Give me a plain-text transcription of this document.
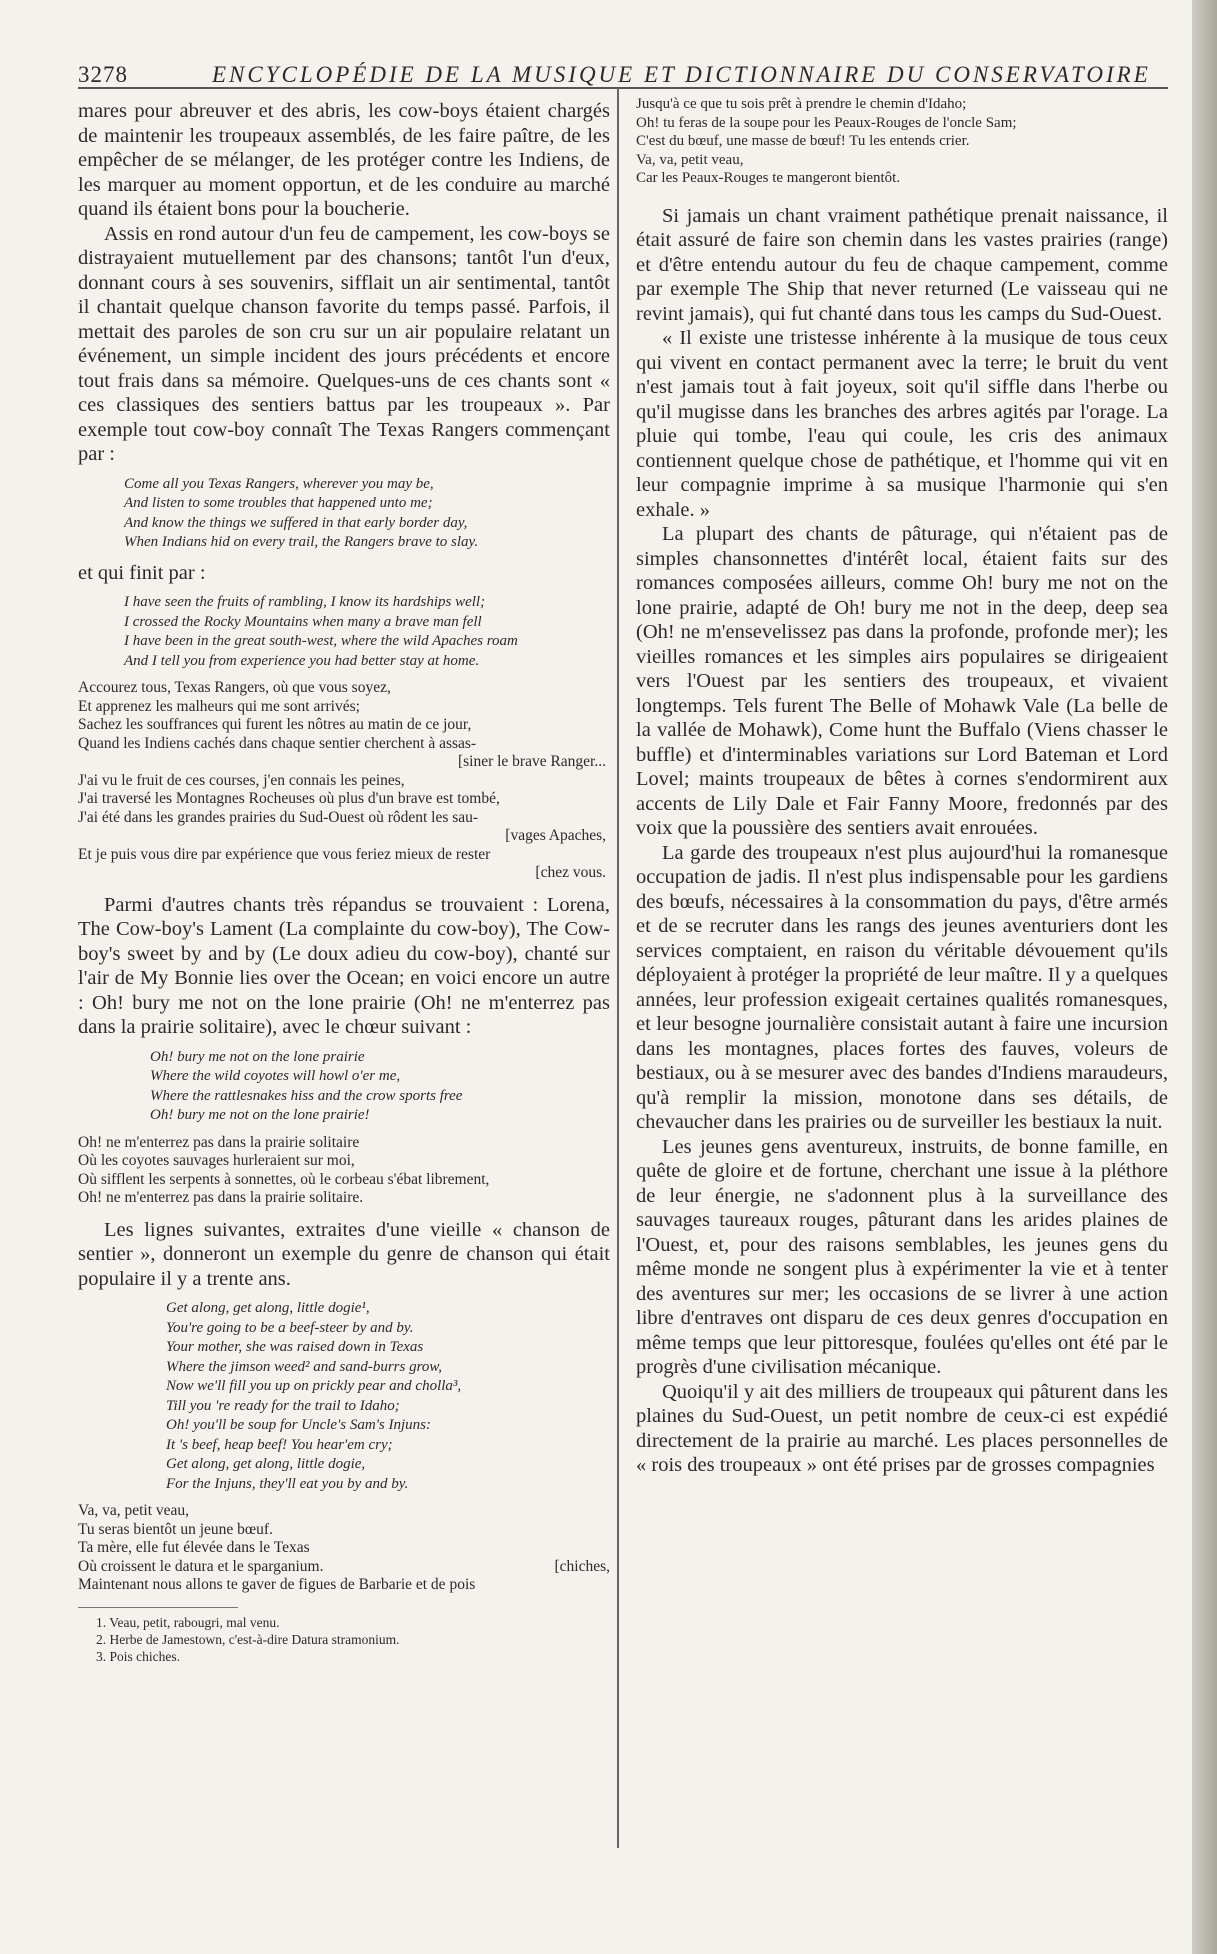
3278	ENCYCLOPÉDIE DE LA MUSIQUE ET DICTIONNAIRE DU CONSERVATOIRE

mares pour abreuver et des abris, les cow-boys étaient chargés de maintenir les troupeaux assemblés, de les faire paître, de les empêcher de se mélanger, de les protéger contre les Indiens, de les marquer au moment opportun, et de les conduire au marché quand ils étaient bons pour la boucherie.

Assis en rond autour d'un feu de campement, les cow-boys se distrayaient mutuellement par des chansons; tantôt l'un d'eux, donnant cours à ses souvenirs, sifflait un air sentimental, tantôt il chantait quelque chanson favorite du temps passé. Parfois, il mettait des paroles de son cru sur un air populaire relatant un événement, un simple incident des jours précédents et encore tout frais dans sa mémoire. Quelques-uns de ces chants sont « ces classiques des sentiers battus par les troupeaux ». Par exemple tout cow-boy connaît The Texas Rangers commençant par :

Come all you Texas Rangers, wherever you may be,
And listen to some troubles that happened unto me;
And know the things we suffered in that early border day,
When Indians hid on every trail, the Rangers brave to slay.

et qui finit par :

I have seen the fruits of rambling, I know its hardships well;
I crossed the Rocky Mountains when many a brave man fell
I have been in the great south-west, where the wild Apaches roam
And I tell you from experience you had better stay at home.
Accourez tous, Texas Rangers, où que vous soyez,
Et apprenez les malheurs qui me sont arrivés;
Sachez les souffrances qui furent les nôtres au matin de ce jour,
Quand les Indiens cachés dans chaque sentier cherchent à assas-
[siner le brave Ranger...
J'ai vu le fruit de ces courses, j'en connais les peines,
J'ai traversé les Montagnes Rocheuses où plus d'un brave est tombé,
J'ai été dans les grandes prairies du Sud-Ouest où rôdent les sau-
[vages Apaches,
Et je puis vous dire par expérience que vous feriez mieux de rester
[chez vous.

Parmi d'autres chants très répandus se trouvaient : Lorena, The Cow-boy's Lament (La complainte du cow-boy), The Cow-boy's sweet by and by (Le doux adieu du cow-boy), chanté sur l'air de My Bonnie lies over the Ocean; en voici encore un autre : Oh! bury me not on the lone prairie (Oh! ne m'enterrez pas dans la prairie solitaire), avec le chœur suivant :

Oh! bury me not on the lone prairie
Where the wild coyotes will howl o'er me,
Where the rattlesnakes hiss and the crow sports free
Oh! bury me not on the lone prairie!
Oh! ne m'enterrez pas dans la prairie solitaire
Où les coyotes sauvages hurleraient sur moi,
Où sifflent les serpents à sonnettes, où le corbeau s'ébat librement,
Oh! ne m'enterrez pas dans la prairie solitaire.

Les lignes suivantes, extraites d'une vieille « chanson de sentier », donneront un exemple du genre de chanson qui était populaire il y a trente ans.

Get along, get along, little dogie¹,
You're going to be a beef-steer by and by.
Your mother, she was raised down in Texas
Where the jimson weed² and sand-burrs grow,
Now we'll fill you up on prickly pear and cholla³,
Till you 're ready for the trail to Idaho;
Oh! you'll be soup for Uncle's Sam's Injuns:
It 's beef, heap beef! You hear'em cry;
Get along, get along, little dogie,
For the Injuns, they'll eat you by and by.
Va, va, petit veau,
Tu seras bientôt un jeune bœuf.
Ta mère, elle fut élevée dans le Texas
Où croissent le datura et le sparganium.	[chiches,
Maintenant nous allons te gaver de figues de Barbarie et de pois
1. Veau, petit, rabougri, mal venu.
2. Herbe de Jamestown, c'est-à-dire Datura stramonium.
3. Pois chiches.
Jusqu'à ce que tu sois prêt à prendre le chemin d'Idaho;
Oh! tu feras de la soupe pour les Peaux-Rouges de l'oncle Sam;
C'est du bœuf, une masse de bœuf! Tu les entends crier.
Va, va, petit veau,
Car les Peaux-Rouges te mangeront bientôt.

Si jamais un chant vraiment pathétique prenait naissance, il était assuré de faire son chemin dans les vastes prairies (range) et d'être entendu autour du feu de chaque campement, comme par exemple The Ship that never returned (Le vaisseau qui ne revint jamais), qui fut chanté dans tous les camps du Sud-Ouest.

« Il existe une tristesse inhérente à la musique de tous ceux qui vivent en contact permanent avec la terre; le bruit du vent n'est jamais tout à fait joyeux, soit qu'il siffle dans l'herbe ou qu'il mugisse dans les branches des arbres agités par l'orage. La pluie qui tombe, l'eau qui coule, les cris des animaux contiennent quelque chose de pathétique, et l'homme qui vit en leur compagnie imprime à sa musique l'harmonie qui s'en exhale. »

La plupart des chants de pâturage, qui n'étaient pas de simples chansonnettes d'intérêt local, étaient faits sur des romances composées ailleurs, comme Oh! bury me not on the lone prairie, adapté de Oh! bury me not in the deep, deep sea (Oh! ne m'ensevelissez pas dans la profonde, profonde mer); les vieilles romances et les simples airs populaires se dirigeaient vers l'Ouest par les sentiers des troupeaux, et vivaient longtemps. Tels furent The Belle of Mohawk Vale (La belle de la vallée de Mohawk), Come hunt the Buffalo (Viens chasser le buffle) et d'interminables variations sur Lord Bateman et Lord Lovel; maints troupeaux de bêtes à cornes s'endormirent aux accents de Lily Dale et Fair Fanny Moore, fredonnés par des voix que la poussière des sentiers avait enrouées.

La garde des troupeaux n'est plus aujourd'hui la romanesque occupation de jadis. Il n'est plus indispensable pour les gardiens des bœufs, nécessaires à la consommation du pays, d'être armés et de se recruter dans les rangs des jeunes aventuriers dont les services comptaient, en raison du véritable dévouement qu'ils déployaient à protéger la propriété de leur maître. Il y a quelques années, leur profession exigeait certaines qualités romanesques, et leur besogne journalière consistait autant à faire une incursion dans les montagnes, places fortes des fauves, voleurs de bestiaux, ou à se mesurer avec des bandes d'Indiens maraudeurs, qu'à remplir la mission, monotone dans ses détails, de chevaucher dans les prairies ou de surveiller les bestiaux la nuit.

Les jeunes gens aventureux, instruits, de bonne famille, en quête de gloire et de fortune, cherchant une issue à la pléthore de leur énergie, ne s'adonnent plus à la surveillance des sauvages taureaux rouges, pâturant dans les arides plaines de l'Ouest, et, pour des raisons semblables, les jeunes gens du même monde ne songent plus à expérimenter la vie et à tenter des aventures sur mer; les occasions de se livrer à une action libre d'entraves ont disparu de ces deux genres d'occupation en même temps que leur pittoresque, foulées qu'elles ont été par le progrès d'une civilisation mécanique.

Quoiqu'il y ait des milliers de troupeaux qui pâturent dans les plaines du Sud-Ouest, un petit nombre de ceux-ci est expédié directement de la prairie au marché. Les places personnelles de « rois des troupeaux » ont été prises par de grosses compagnies
